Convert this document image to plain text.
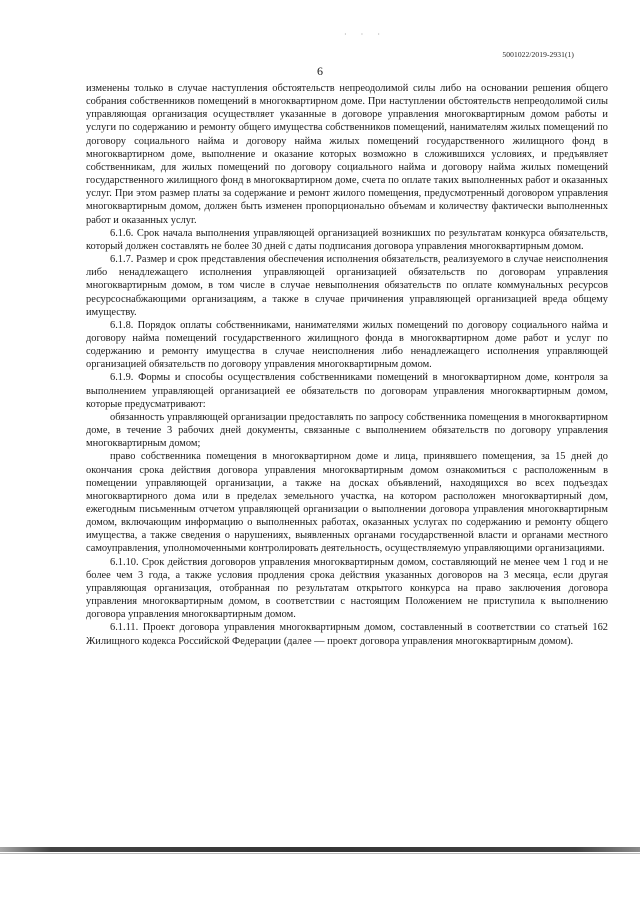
· · ·
5001022/2019-2931(1)
6

изменены только в случае наступления обстоятельств непреодолимой силы либо на основании решения общего собрания собственников помещений в многоквартирном доме. При наступлении обстоятельств непреодолимой силы управляющая организация осуществляет указанные в договоре управления многоквартирным домом работы и услуги по содержанию и ремонту общего имущества собственников помещений, нанимателям жилых помещений по договору социального найма и договору найма жилых помещений государственного жилищного фонд в многоквартирном доме, выполнение и оказание которых возможно в сложившихся условиях, и предъявляет собственникам, для жилых помещений по договору социального найма и договору найма жилых помещений государственного жилищного фонд в многоквартирном доме, счета по оплате таких выполненных работ и оказанных услуг. При этом размер платы за содержание и ремонт жилого помещения, предусмотренный договором управления многоквартирным домом, должен быть изменен пропорционально объемам и количеству фактически выполненных работ и оказанных услуг.

6.1.6. Срок начала выполнения управляющей организацией возникших по результатам конкурса обязательств, который должен составлять не более 30 дней с даты подписания договора управления многоквартирным домом.

6.1.7. Размер и срок представления обеспечения исполнения обязательств, реализуемого в случае неисполнения либо ненадлежащего исполнения управляющей организацией обязательств по договорам управления многоквартирным домом, в том числе в случае невыполнения обязательств по оплате коммунальных ресурсов ресурсоснабжающими организациям, а также в случае причинения управляющей организацией вреда общему имуществу.

6.1.8. Порядок оплаты собственниками, нанимателями жилых помещений по договору социального найма и договору найма помещений государственного жилищного фонда в многоквартирном доме работ и услуг по содержанию и ремонту имущества в случае неисполнения либо ненадлежащего исполнения управляющей организацией обязательств по договору управления многоквартирным домом.

6.1.9. Формы и способы осуществления собственниками помещений в многоквартирном доме, контроля за выполнением управляющей организацией ее обязательств по договорам управления многоквартирным домом, которые предусматривают:

обязанность управляющей организации предоставлять по запросу собственника помещения в многоквартирном доме, в течение 3 рабочих дней документы, связанные с выполнением обязательств по договору управления многоквартирным домом;

право собственника помещения в многоквартирном доме и лица, принявшего помещения, за 15 дней до окончания срока действия договора управления многоквартирным домом ознакомиться с расположенным в помещении управляющей организации, а также на досках объявлений, находящихся во всех подъездах многоквартирного дома или в пределах земельного участка, на котором расположен многоквартирный дом, ежегодным письменным отчетом управляющей организации о выполнении договора управления многоквартирным домом, включающим информацию о выполненных работах, оказанных услугах по содержанию и ремонту общего имущества, а также сведения о нарушениях, выявленных органами государственной власти и органами местного самоуправления, уполномоченными контролировать деятельность, осуществляемую управляющими организациями.

6.1.10. Срок действия договоров управления многоквартирным домом, составляющий не менее чем 1 год и не более чем 3 года, а также условия продления срока действия указанных договоров на 3 месяца, если другая управляющая организация, отобранная по результатам открытого конкурса на право заключения договора управления многоквартирным домом, в соответствии с настоящим Положением не приступила к выполнению договора управления многоквартирным домом.

6.1.11. Проект договора управления многоквартирным домом, составленный в соответствии со статьей 162 Жилищного кодекса Российской Федерации (далее — проект договора управления многоквартирным домом).
